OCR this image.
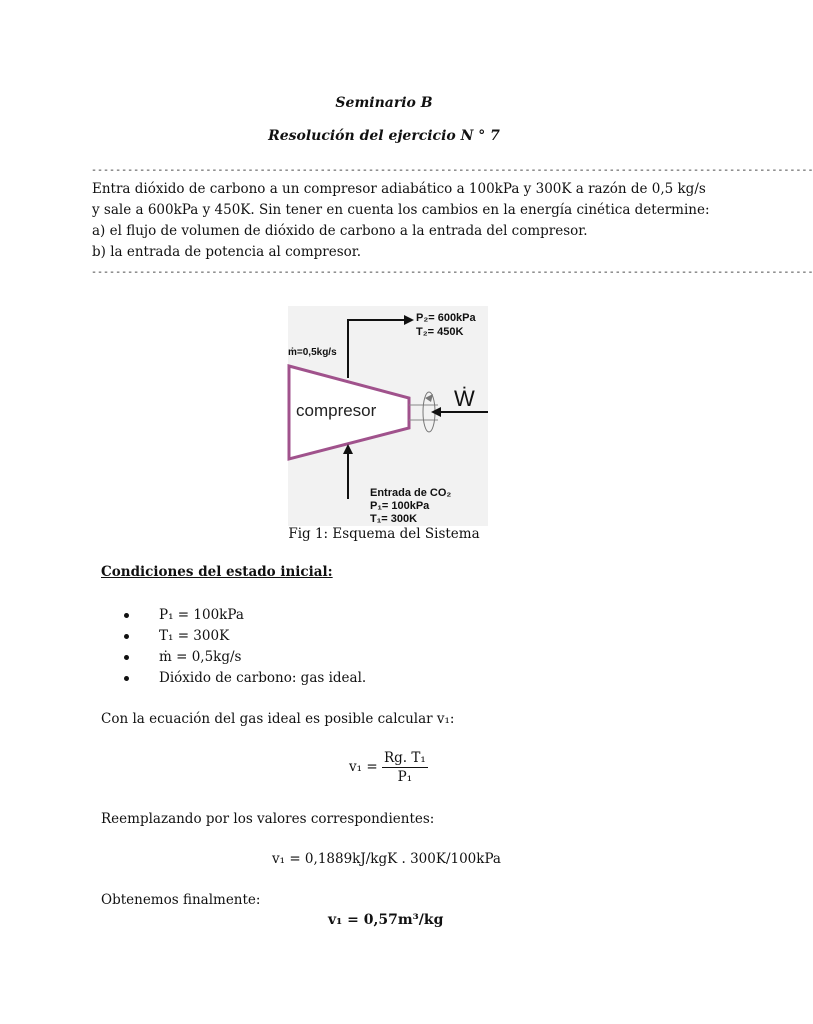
Seminario B
Resolución del ejercicio N ° 7
------------------------------------------------------------------------------------------------------------------------
Entra dióxido de carbono a un compresor adiabático a 100kPa y 300K a razón de 0,5 kg/s
y sale a 600kPa y 450K. Sin tener en cuenta los cambios en la energía cinética determine:
a) el flujo de volumen de dióxido de carbono a la entrada del compresor.
b) la entrada de potencia al compresor.
------------------------------------------------------------------------------------------------------------------------
compresor	Ẇ
ṁ=0,5kg/s
P₂= 600kPa
T₂= 450K
Entrada de CO₂
P₁= 100kPa
T₁= 300K
Fig 1: Esquema del Sistema
Condiciones del estado inicial:
P₁ = 100kPa
T₁ = 300K
ṁ = 0,5kg/s
Dióxido de carbono: gas ideal.
Con la ecuación del gas ideal es posible calcular v₁:
$v_1 = \frac{\text{Rg. T₁}}{\text{P₁}}$
Reemplazando por los valores correspondientes:
v₁ = 0,1889kJ/kgK . 300K/100kPa
Obtenemos finalmente:
v₁ = 0,57m³/kg
